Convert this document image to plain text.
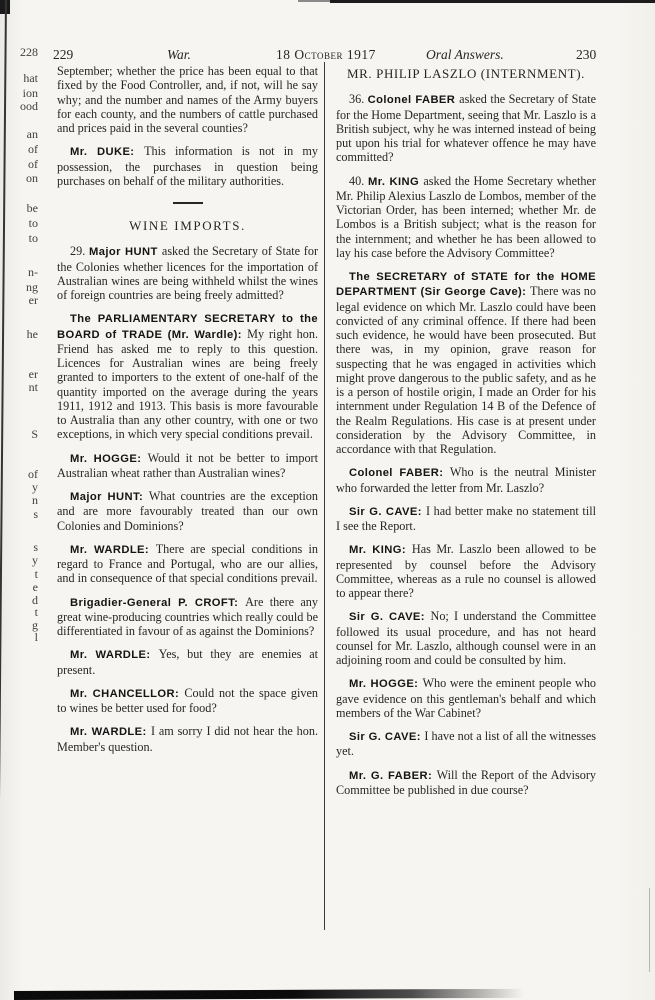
228
hat
ion
ood
an
of
of
on
be
to
to
n-
ng
er
he
er
nt
S
of
y
n
s
s
y
t
e
d
t
g
l
229	War.	18 October 1917	Oral Answers.	230

September; whether the price has been equal to that fixed by the Food Controller, and, if not, will he say why; and the number and names of the Army buyers for each county, and the numbers of cattle purchased and prices paid in the several counties?

Mr. DUKE: This information is not in my possession, the purchases in question being purchases on behalf of the military authorities.

WINE IMPORTS.

29. Major HUNT asked the Secretary of State for the Colonies whether licences for the importation of Australian wines are being withheld whilst the wines of foreign countries are being freely admitted?

The PARLIAMENTARY SECRETARY to the BOARD of TRADE (Mr. Wardle): My right hon. Friend has asked me to reply to this question. Licences for Australian wines are being freely granted to importers to the extent of one-half of the quantity imported on the average during the years 1911, 1912 and 1913. This basis is more favourable to Australia than any other country, with one or two exceptions, in which very special conditions prevail.

Mr. HOGGE: Would it not be better to import Australian wheat rather than Australian wines?

Major HUNT: What countries are the exception and are more favourably treated than our own Colonies and Dominions?

Mr. WARDLE: There are special conditions in regard to France and Portugal, who are our allies, and in consequence of that special conditions prevail.

Brigadier-General P. CROFT: Are there any great wine-producing countries which really could be differentiated in favour of as against the Dominions?

Mr. WARDLE: Yes, but they are enemies at present.

Mr. CHANCELLOR: Could not the space given to wines be better used for food?

Mr. WARDLE: I am sorry I did not hear the hon. Member's question.

MR. PHILIP LASZLO (INTERNMENT).

36. Colonel FABER asked the Secretary of State for the Home Department, seeing that Mr. Laszlo is a British subject, why he was interned instead of being put upon his trial for whatever offence he may have committed?

40. Mr. KING asked the Home Secretary whether Mr. Philip Alexius Laszlo de Lombos, member of the Victorian Order, has been interned; whether Mr. de Lombos is a British subject; what is the reason for the internment; and whether he has been allowed to lay his case before the Advisory Committee?

The SECRETARY of STATE for the HOME DEPARTMENT (Sir George Cave): There was no legal evidence on which Mr. Laszlo could have been convicted of any criminal offence. If there had been such evidence, he would have been prosecuted. But there was, in my opinion, grave reason for suspecting that he was engaged in activities which might prove dangerous to the public safety, and as he is a person of hostile origin, I made an Order for his internment under Regulation 14 B of the Defence of the Realm Regulations. His case is at present under consideration by the Advisory Committee, in accordance with that Regulation.

Colonel FABER: Who is the neutral Minister who forwarded the letter from Mr. Laszlo?

Sir G. CAVE: I had better make no statement till I see the Report.

Mr. KING: Has Mr. Laszlo been allowed to be represented by counsel before the Advisory Committee, whereas as a rule no counsel is allowed to appear there?

Sir G. CAVE: No; I understand the Committee followed its usual procedure, and has not heard counsel for Mr. Laszlo, although counsel were in an adjoining room and could be consulted by him.

Mr. HOGGE: Who were the eminent people who gave evidence on this gentleman's behalf and which members of the War Cabinet?

Sir G. CAVE: I have not a list of all the witnesses yet.

Mr. G. FABER: Will the Report of the Advisory Committee be published in due course?
